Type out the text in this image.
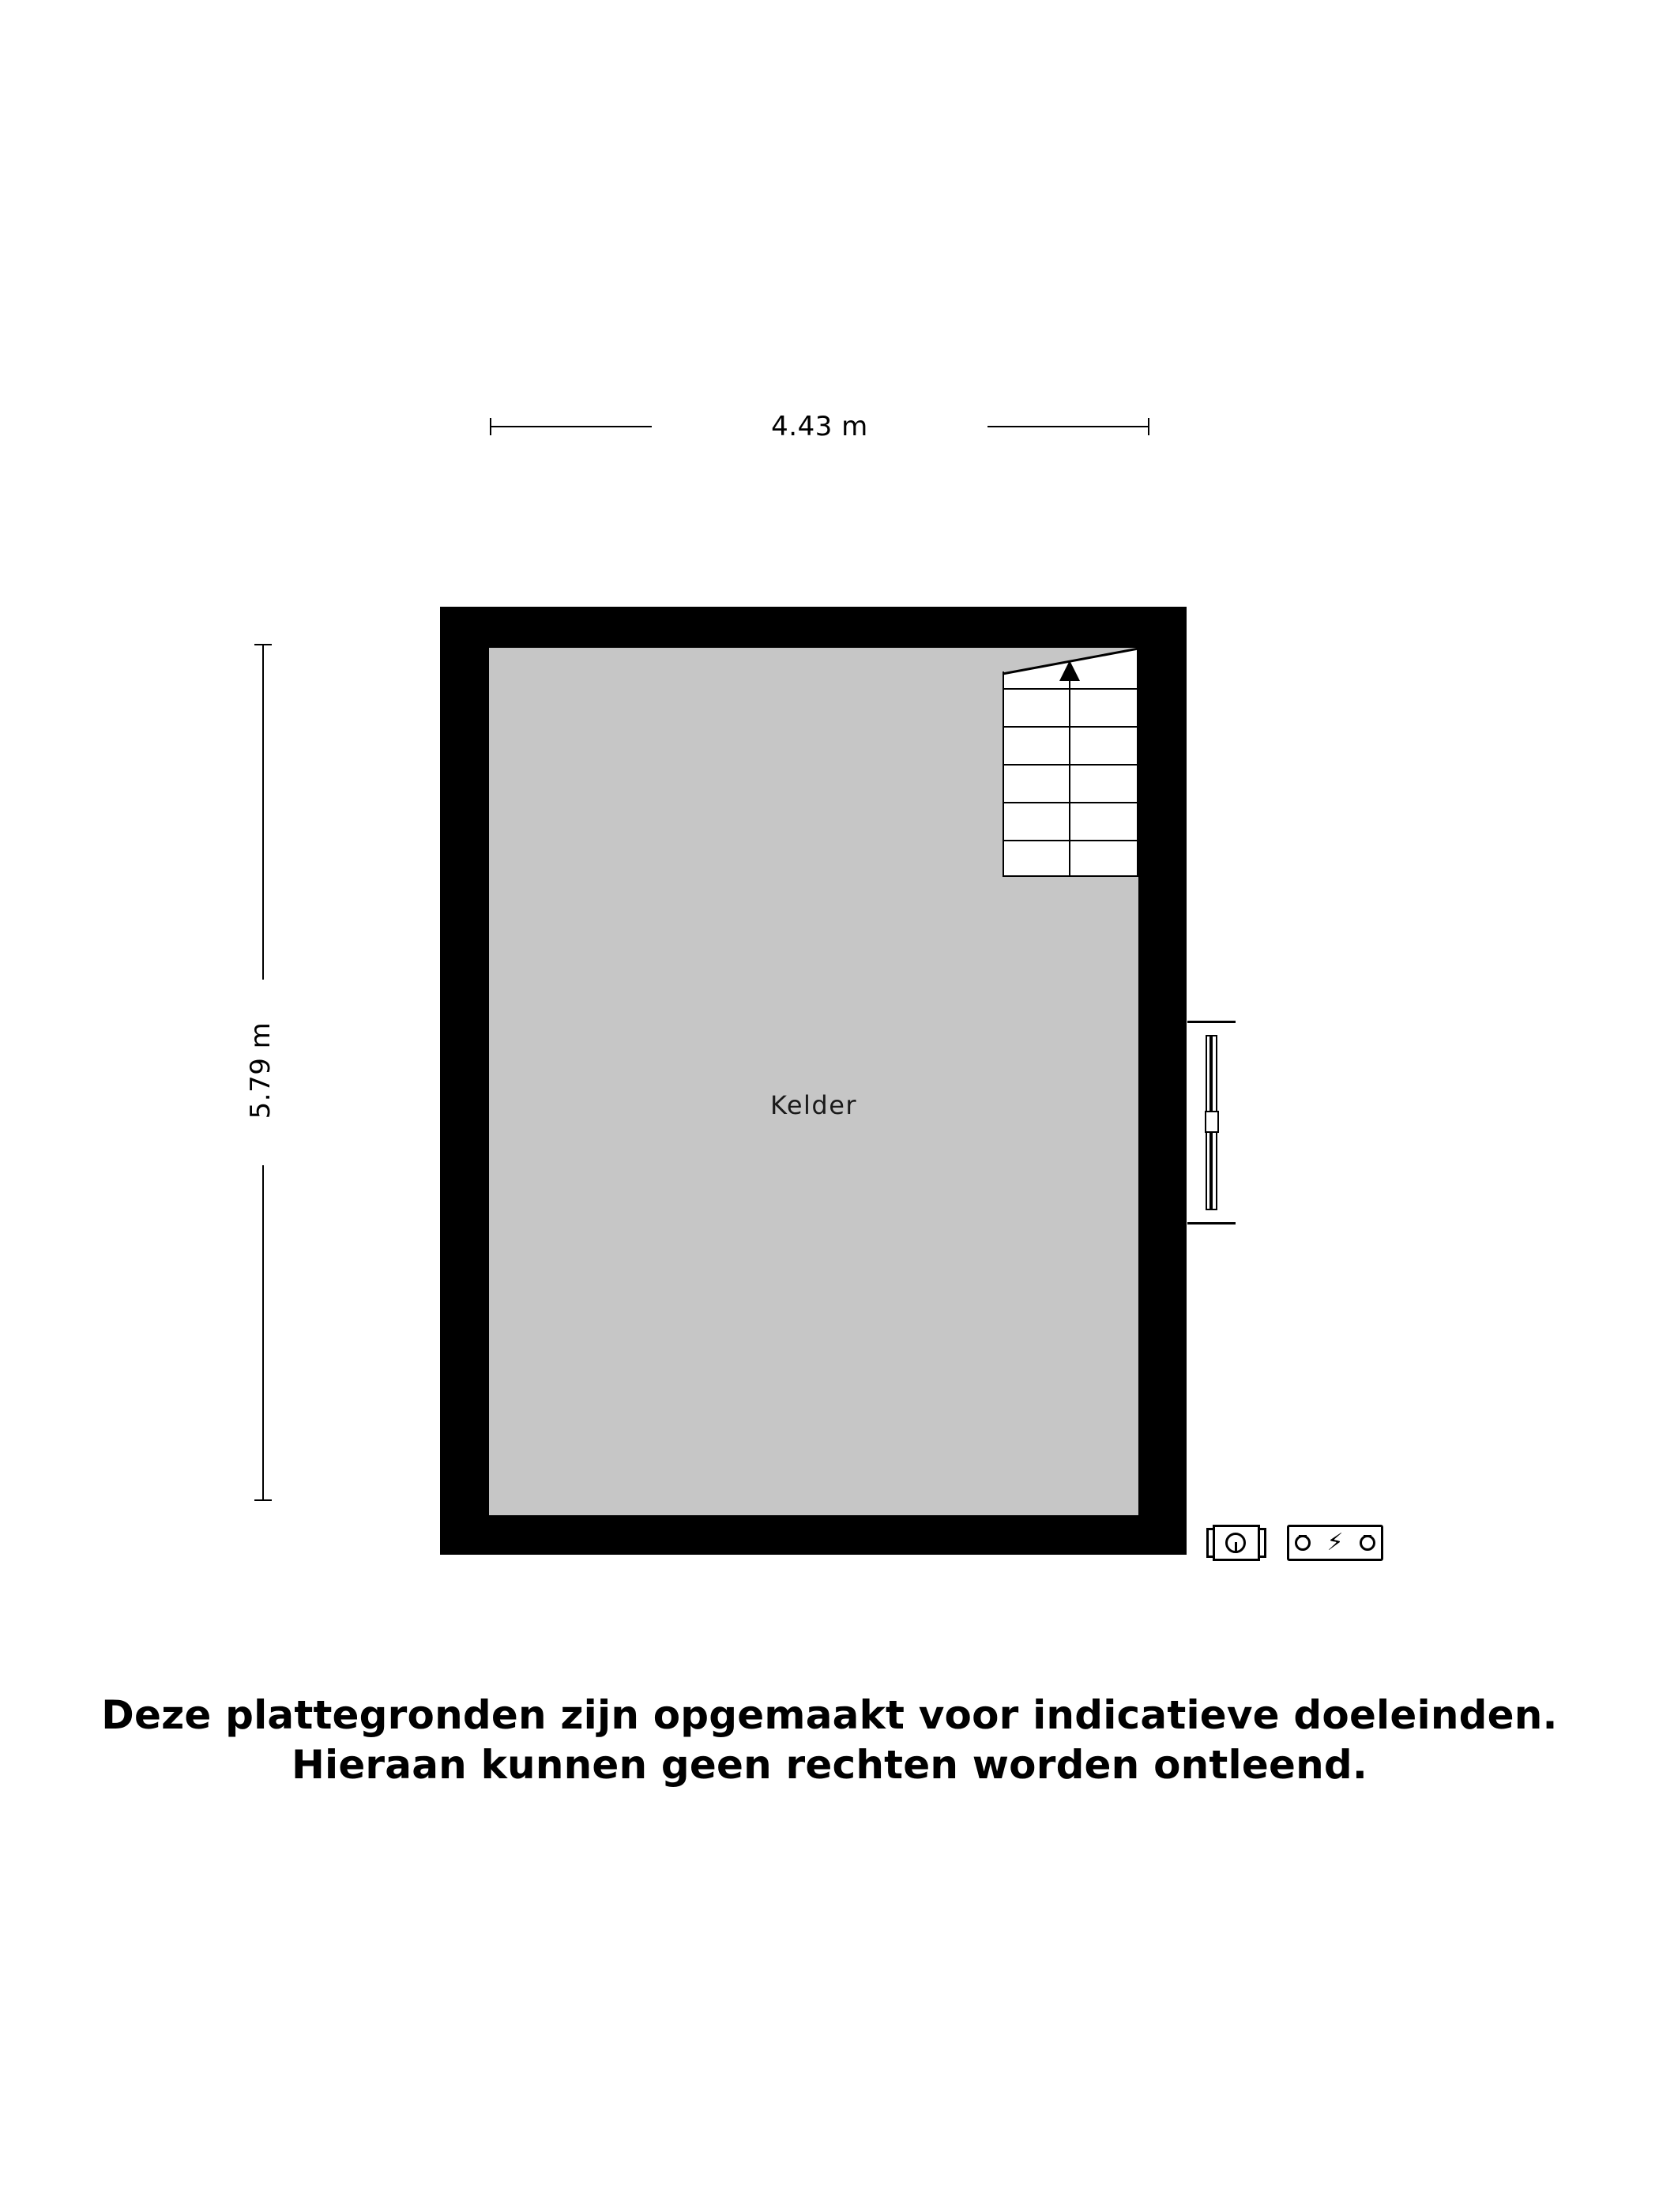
4.43 m
5.79 m	Kelder
⚡
Deze plattegronden zijn opgemaakt voor indicatieve doeleinden.
Hieraan kunnen geen rechten worden ontleend.
